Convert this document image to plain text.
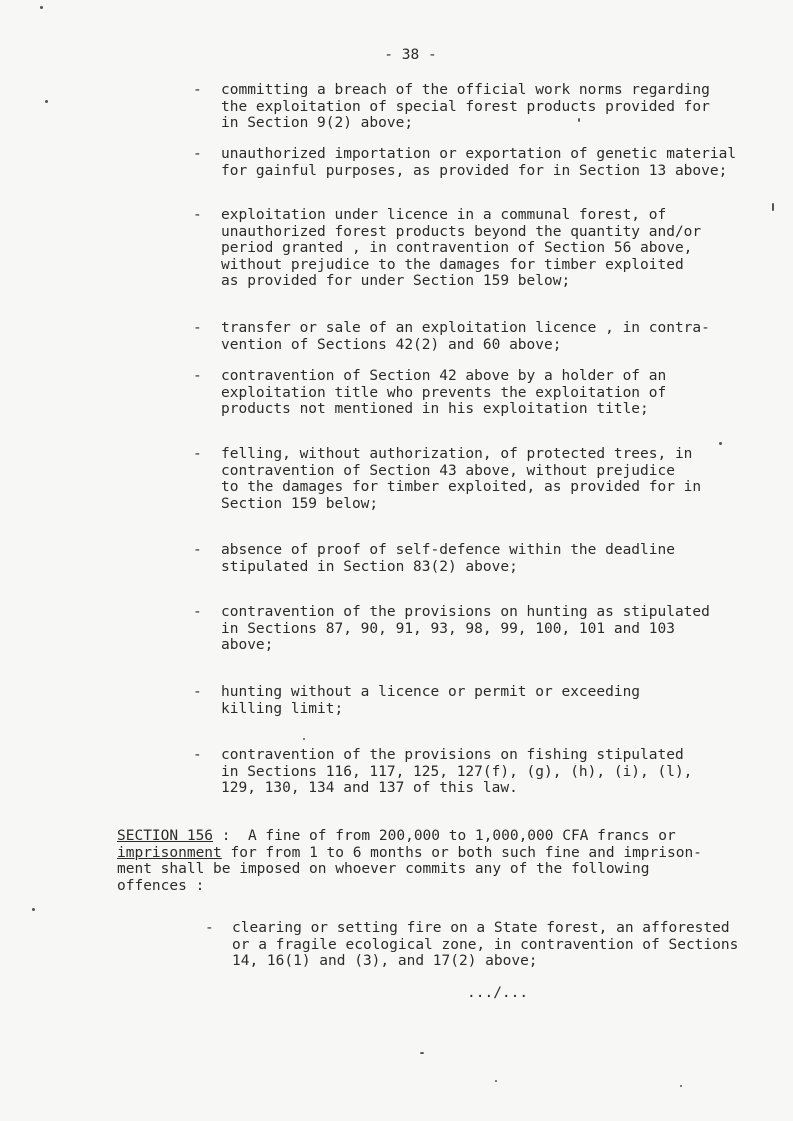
- 38 -

-

committing a breach of the official work norms regarding
the exploitation of special forest products provided for
in Section 9(2) above;

-

unauthorized importation or exportation of genetic material
for gainful purposes, as provided for in Section 13 above;

-

exploitation under licence in a communal forest, of
unauthorized forest products beyond the quantity and/or
period granted , in contravention of Section 56 above,
without prejudice to the damages for timber exploited
as provided for under Section 159 below;

-

transfer or sale of an exploitation licence , in contra-
vention of Sections 42(2) and 60 above;

-

contravention of Section 42 above by a holder of an
exploitation title who prevents the exploitation of
products not mentioned in his exploitation title;

-

felling, without authorization, of protected trees, in
contravention of Section 43 above, without prejudice
to the damages for timber exploited, as provided for in
Section 159 below;

-

absence of proof of self-defence within the deadline
stipulated in Section 83(2) above;

-

contravention of the provisions on hunting as stipulated
in Sections 87, 90, 91, 93, 98, 99, 100, 101 and 103
above;

-

hunting without a licence or permit or exceeding
killing limit;

-

contravention of the provisions on fishing stipulated
in Sections 116, 117, 125, 127(f), (g), (h), (i), (l),
129, 130, 134 and 137 of this law.

SECTION 156 :  A fine of from 200,000 to 1,000,000 CFA francs or
imprisonment for from 1 to 6 months or both such fine and imprison-
ment shall be imposed on whoever commits any of the following
offences :
- clearing or setting fire on a State forest, an afforested
or a fragile ecological zone, in contravention of Sections
14, 16(1) and (3), and 17(2) above;
.../...
